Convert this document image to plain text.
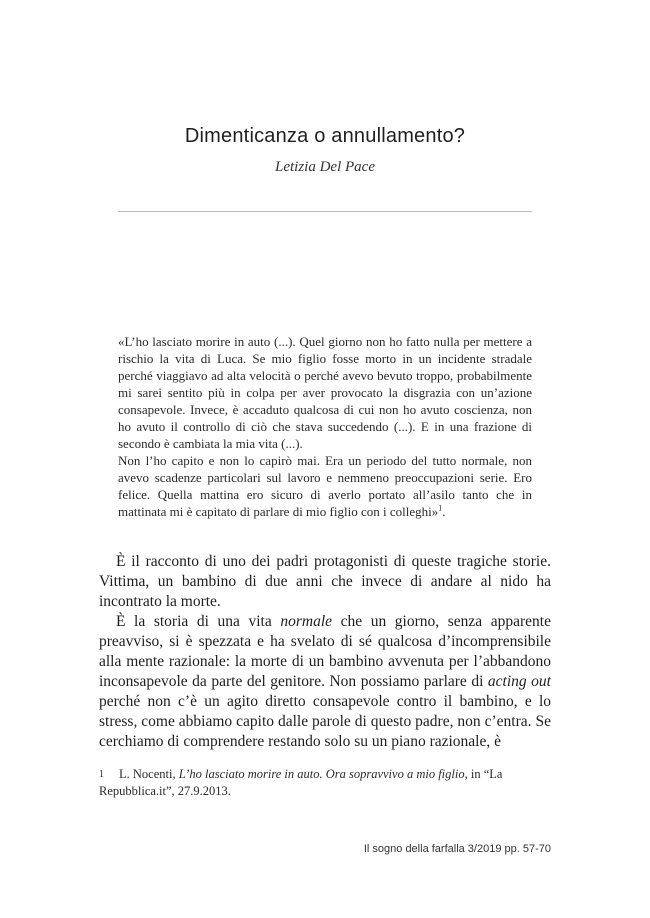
Dimenticanza o annullamento?
Letizia Del Pace

«L’ho lasciato morire in auto (...). Quel giorno non ho fatto nulla per mettere a rischio la vita di Luca. Se mio figlio fosse morto in un incidente stradale perché viaggiavo ad alta velocità o perché avevo bevuto troppo, probabilmente mi sarei sentito più in colpa per aver provocato la disgrazia con un’azione consapevole. Invece, è accaduto qualcosa di cui non ho avuto coscienza, non ho avuto il controllo di ciò che stava succedendo (...). E in una frazione di secondo è cambiata la mia vita (...).

Non l’ho capito e non lo capirò mai. Era un periodo del tutto normale, non avevo scadenze particolari sul lavoro e nemmeno preoccupazioni serie. Ero felice. Quella mattina ero sicuro di averlo portato all’asilo tanto che in mattinata mi è capitato di parlare di mio figlio con i colleghi»$^1$.

È il racconto di uno dei padri protagonisti di queste tragiche storie. Vittima, un bambino di due anni che invece di andare al nido ha incontrato la morte.

È la storia di una vita normale che un giorno, senza apparente preavviso, si è spezzata e ha svelato di sé qualcosa d’incomprensibile alla mente razionale: la morte di un bambino avvenuta per l’abbandono inconsapevole da parte del genitore. Non possiamo parlare di acting out perché non c’è un agito diretto consapevole contro il bambino, e lo stress, come abbiamo capito dalle parole di questo padre, non c’entra. Se cerchiamo di comprendere restando solo su un piano razionale, è

1 L. Nocenti, L’ho lasciato morire in auto. Ora sopravvivo a mio figlio, in “La Repubblica.it”, 27.9.2013.
Il sogno della farfalla 3/2019 pp. 57-70
